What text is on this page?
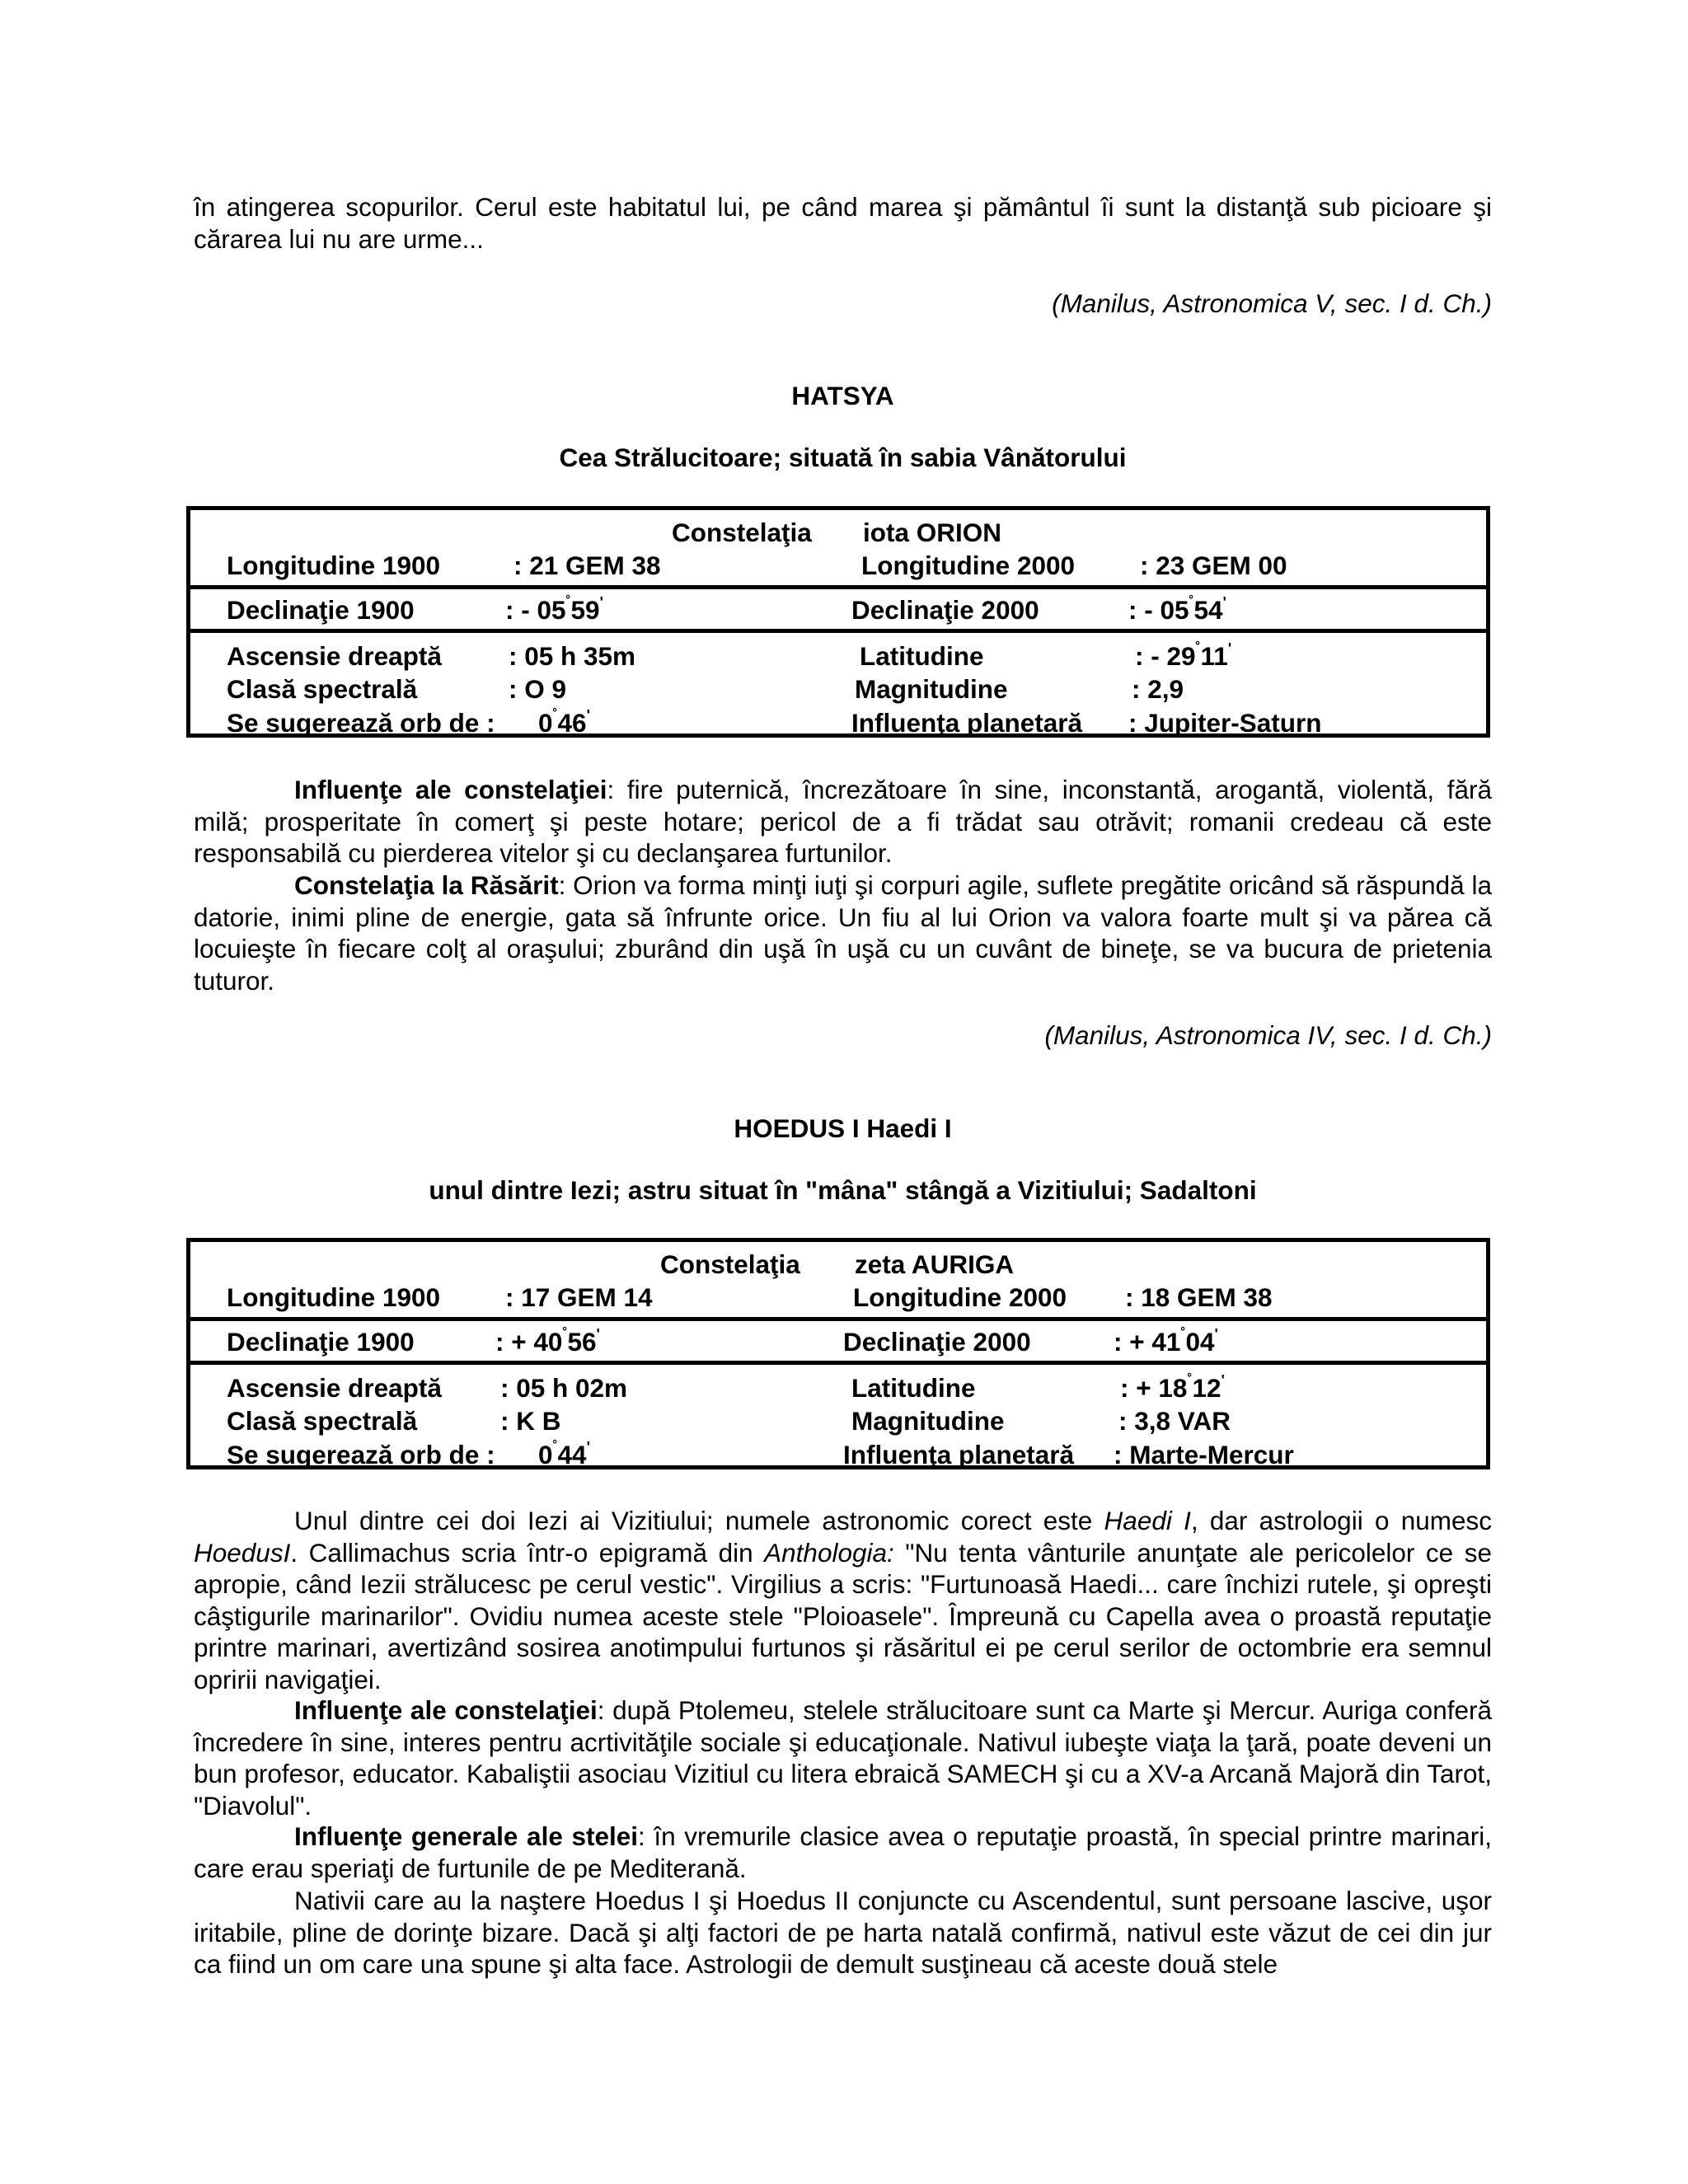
în atingerea scopurilor. Cerul este habitatul lui, pe când marea şi pământul îi sunt la distanţă sub picioare şi cărarea lui nu are urme...

(Manilus, Astronomica V, sec. I d. Ch.)

HATSYA

Cea Strălucitoare; situată în sabia Vânătorului

Constelaţia iota ORION
Longitudine 1900	: 21 GEM 38	Longitudine 2000	: 23 GEM 00
Declinaţie 1900	: - 05˚59'	Declinaţie 2000	: - 05˚54'
Ascensie dreaptă	: 05 h 35m	Latitudine	: - 29˚11'
Clasă spectrală	: O 9	Magnitudine	: 2,9
Se sugerează orb de : 0˚46'	Influenţa planetară : Jupiter-Saturn

Influenţe ale constelaţiei: fire puternică, încrezătoare în sine, inconstantă, arogantă, violentă, fără milă; prosperitate în comerţ şi peste hotare; pericol de a fi trădat sau otrăvit; romanii credeau că este responsabilă cu pierderea vitelor şi cu declanşarea furtunilor.

Constelaţia la Răsărit: Orion va forma minţi iuţi şi corpuri agile, suflete pregătite oricând să răspundă la datorie, inimi pline de energie, gata să înfrunte orice. Un fiu al lui Orion va valora foarte mult şi va părea că locuieşte în fiecare colţ al oraşului; zburând din uşă în uşă cu un cuvânt de bineţe, se va bucura de prietenia tuturor.

(Manilus, Astronomica IV, sec. I d. Ch.)

HOEDUS I Haedi I

unul dintre Iezi; astru situat în "mâna" stângă a Vizitiului; Sadaltoni

Constelaţia zeta AURIGA
Longitudine 1900	: 17 GEM 14	Longitudine 2000 : 18 GEM 38
Declinaţie 1900	: + 40˚56'	Declinaţie 2000	: + 41˚04'
Ascensie dreaptă : 05 h 02m	Latitudine	: + 18˚12'
Clasă spectrală	: K B	Magnitudine	: 3,8 VAR
Se sugerează orb de : 0˚44'	Influenţa planetară : Marte-Mercur

Unul dintre cei doi Iezi ai Vizitiului; numele astronomic corect este Haedi I, dar astrologii o numesc HoedusI. Callimachus scria într-o epigramă din Anthologia: "Nu tenta vânturile anunţate ale pericolelor ce se apropie, când Iezii strălucesc pe cerul vestic". Virgilius a scris: "Furtunoasă Haedi... care închizi rutele, şi opreşti câştigurile marinarilor". Ovidiu numea aceste stele "Ploioasele". Împreună cu Capella avea o proastă reputaţie printre marinari, avertizând sosirea anotimpului furtunos şi răsăritul ei pe cerul serilor de octombrie era semnul opririi navigaţiei.

Influenţe ale constelaţiei: după Ptolemeu, stelele strălucitoare sunt ca Marte şi Mercur. Auriga conferă încredere în sine, interes pentru acrtivităţile sociale şi educaţionale. Nativul iubeşte viaţa la ţară, poate deveni un bun profesor, educator. Kabaliştii asociau Vizitiul cu litera ebraică SAMECH şi cu a XV-a Arcană Majoră din Tarot, "Diavolul".

Influenţe generale ale stelei: în vremurile clasice avea o reputaţie proastă, în special printre marinari, care erau speriaţi de furtunile de pe Mediterană.

Nativii care au la naştere Hoedus I şi Hoedus II conjuncte cu Ascendentul, sunt persoane lascive, uşor iritabile, pline de dorinţe bizare. Dacă şi alţi factori de pe harta natală confirmă, nativul este văzut de cei din jur ca fiind un om care una spune şi alta face. Astrologii de demult susţineau că aceste două stele
